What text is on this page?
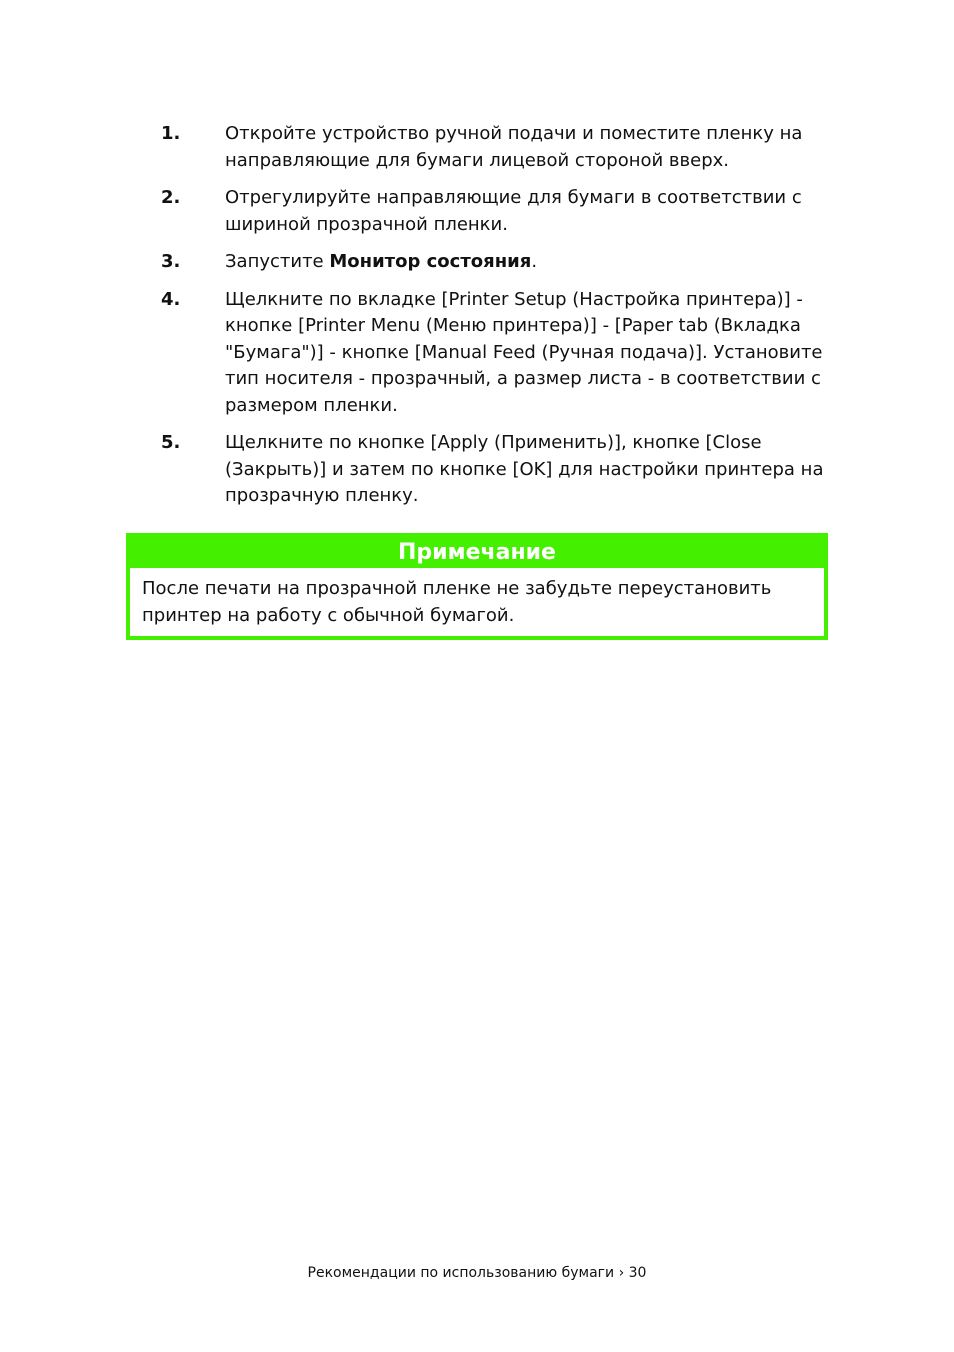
1. Откройте устройство ручной подачи и поместите пленку на направляющие для бумаги лицевой стороной вверх.
2. Отрегулируйте направляющие для бумаги в соответствии с шириной прозрачной пленки.
3. Запустите Монитор состояния.
4. Щелкните по вкладке [Printer Setup (Настройка принтера)] - кнопке [Printer Menu (Меню принтера)] - [Paper tab (Вкладка "Бумага")] - кнопке [Manual Feed (Ручная подача)]. Установите тип носителя - прозрачный, а размер листа - в соответствии с размером пленки.
5. Щелкните по кнопке [Apply (Применить)], кнопке [Close (Закрыть)] и затем по кнопке [OK] для настройки принтера на прозрачную пленку.
Примечание
После печати на прозрачной пленке не забудьте переустановить принтер на работу с обычной бумагой.
Рекомендации по использованию бумаги › 30
